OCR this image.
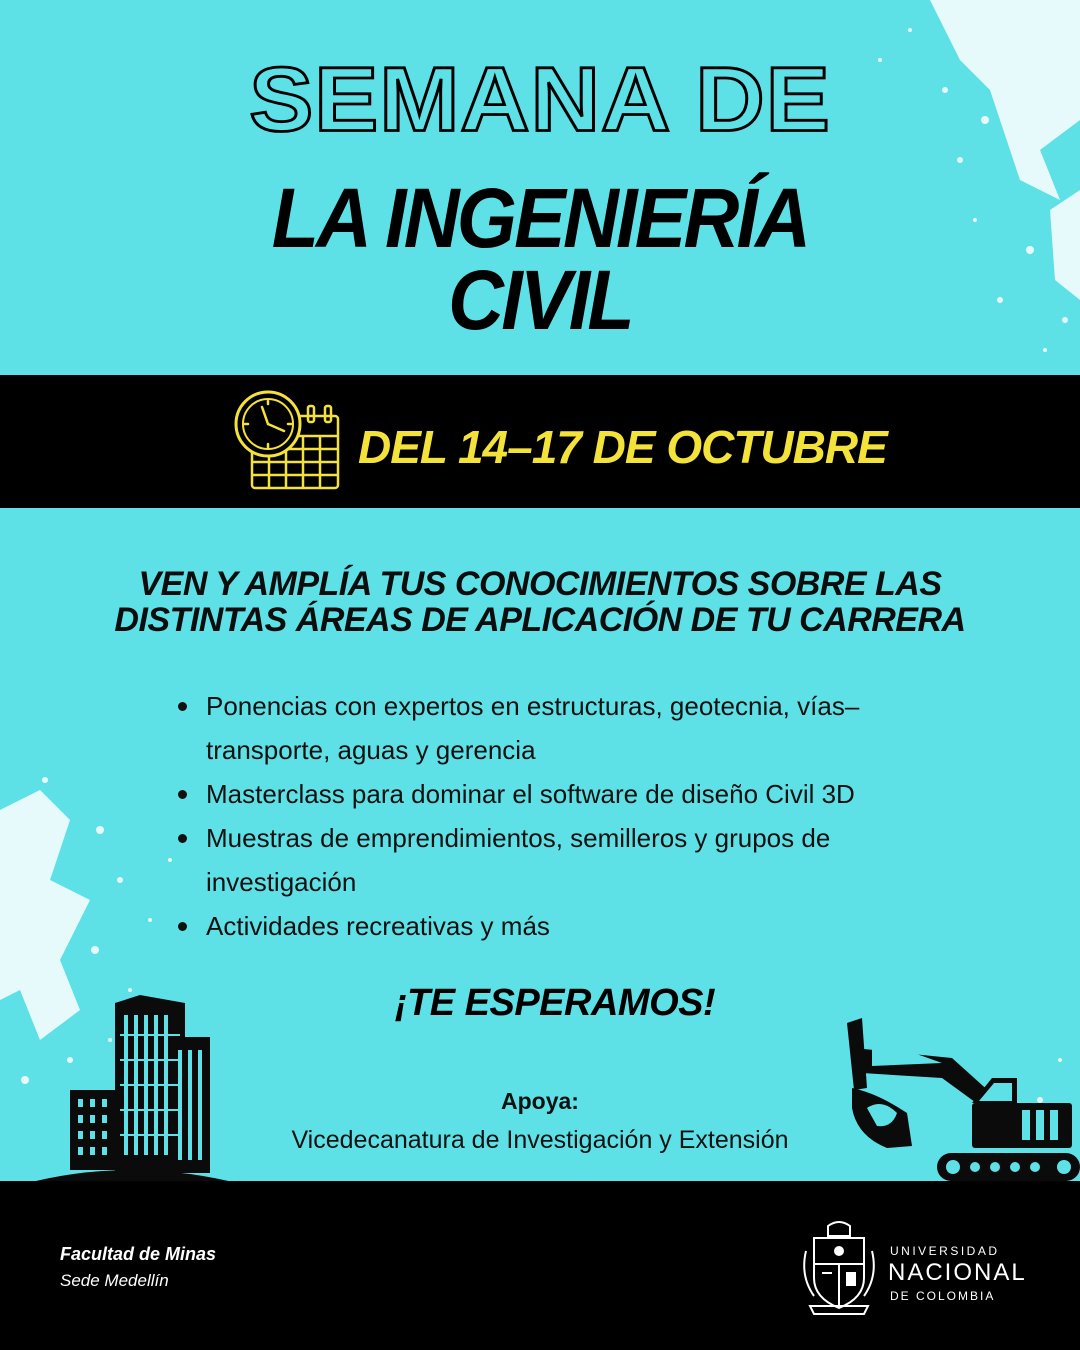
SEMANA DE
LA INGENIERÍA
CIVIL
DEL 14–17 DE OCTUBRE
VEN Y AMPLÍA TUS CONOCIMIENTOS SOBRE LAS
DISTINTAS ÁREAS DE APLICACIÓN DE TU CARRERA
Ponencias con expertos en estructuras, geotecnia, vías–transporte, aguas y gerencia
Masterclass para dominar el software de diseño Civil 3D
Muestras de emprendimientos, semilleros y grupos de investigación
Actividades recreativas y más
¡TE ESPERAMOS!
Apoya:
Vicedecanatura de Investigación y Extensión
Facultad de Minas
Sede Medellín
UNIVERSIDAD
NACIONAL
DE COLOMBIA
